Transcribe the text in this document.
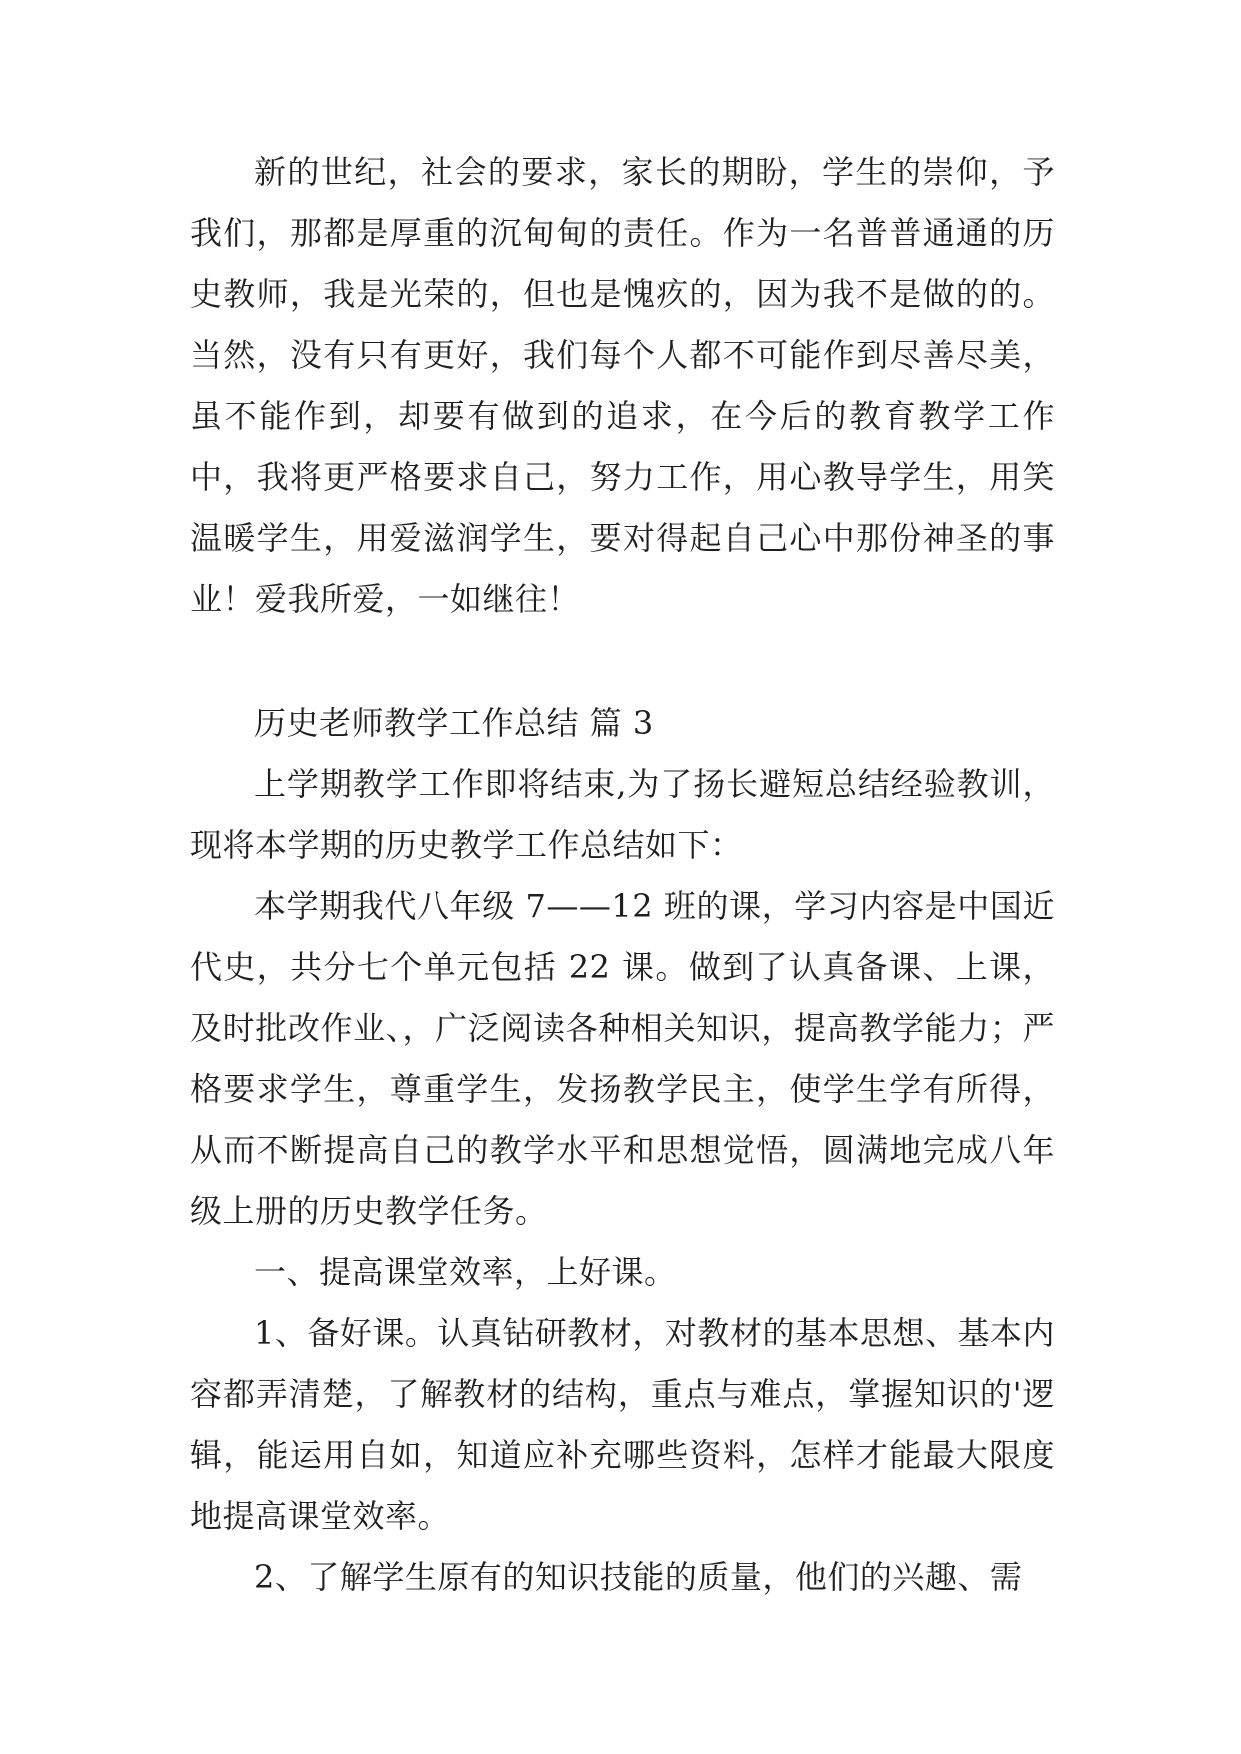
新的世纪，社会的要求，家长的期盼，学生的崇仰，予我们，那都是厚重的沉甸甸的责任。作为一名普普通通的历史教师，我是光荣的，但也是愧疚的，因为我不是做的的。当然，没有只有更好，我们每个人都不可能作到尽善尽美，虽不能作到，却要有做到的追求，在今后的教育教学工作中，我将更严格要求自己，努力工作，用心教导学生，用笑温暖学生，用爱滋润学生，要对得起自己心中那份神圣的事业！爱我所爱，一如继往！

历史老师教学工作总结 篇 3

上学期教学工作即将结束,为了扬长避短总结经验教训，现将本学期的历史教学工作总结如下：

本学期我代八年级 7——12 班的课，学习内容是中国近代史，共分七个单元包括 22 课。做到了认真备课、上课，及时批改作业、，广泛阅读各种相关知识，提高教学能力；严格要求学生，尊重学生，发扬教学民主，使学生学有所得，从而不断提高自己的教学水平和思想觉悟，圆满地完成八年级上册的历史教学任务。

一、提高课堂效率，上好课。

1、备好课。认真钻研教材，对教材的基本思想、基本内容都弄清楚，了解教材的结构，重点与难点，掌握知识的'逻辑，能运用自如，知道应补充哪些资料，怎样才能最大限度地提高课堂效率。

2、了解学生原有的知识技能的质量，他们的兴趣、需
